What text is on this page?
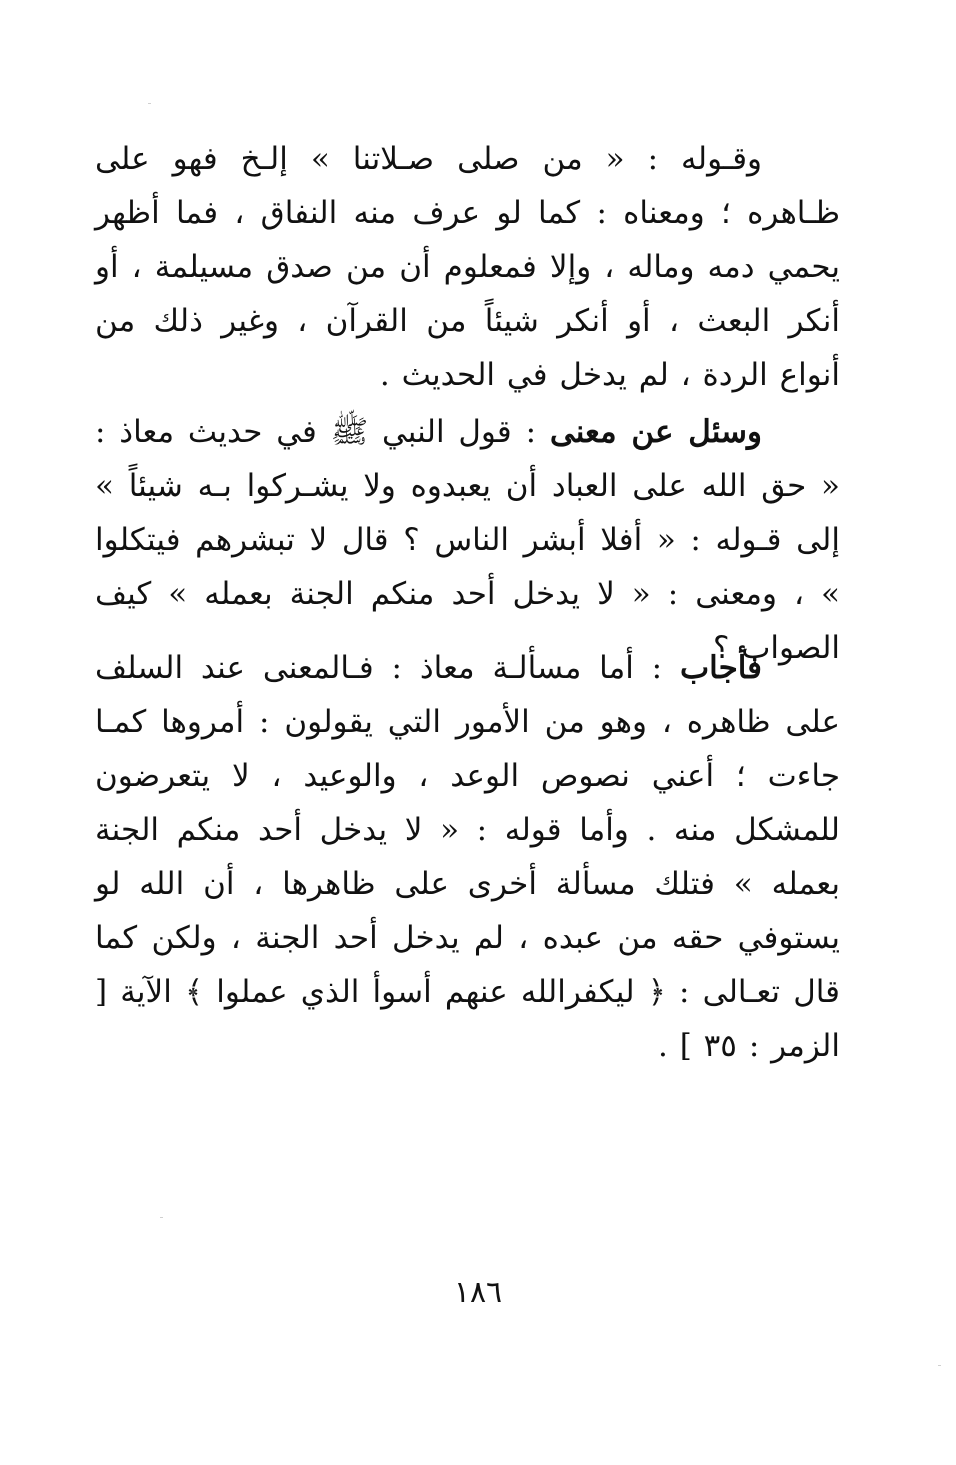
وقـوله : « من صلى صـلاتنا » إلـخ فهو على ظـاهره ؛ ومعناه : كما لو عرف منه النفاق ، فما أظهر يحمي دمه وماله ، وإلا فمعلوم أن من صدق مسيلمة ، أو أنكر البعث ، أو أنكر شيئاً من القرآن ، وغير ذلك من أنواع الردة ، لم يدخل في الحديث .

وسئل عن معنى : قول النبي ﷺ في حديث معاذ : « حق الله على العباد أن يعبدوه ولا يشـركوا بـه شيئاً » إلى قـوله : « أفلا أبشر الناس ؟ قال لا تبشرهم فيتكلوا » ، ومعنى : « لا يدخل أحد منكم الجنة بعمله » كيف الصواب ؟

فأجاب : أما مسألـة معاذ : فـالمعنى عند السلف على ظاهره ، وهو من الأمور التي يقولون : أمروها كمـا جاءت ؛ أعني نصوص الوعد ، والوعيد ، لا يتعرضون للمشكل منه . وأما قوله : « لا يدخل أحد منكم الجنة بعمله » فتلك مسألة أخرى على ظاهرها ، أن الله لو يستوفي حقه من عبده ، لم يدخل أحد الجنة ، ولكن كما قال تعـالى : ﴿ ليكفرالله عنهم أسوأ الذي عملوا ﴾ الآية [ الزمر : ٣٥ ] .

١٨٦
